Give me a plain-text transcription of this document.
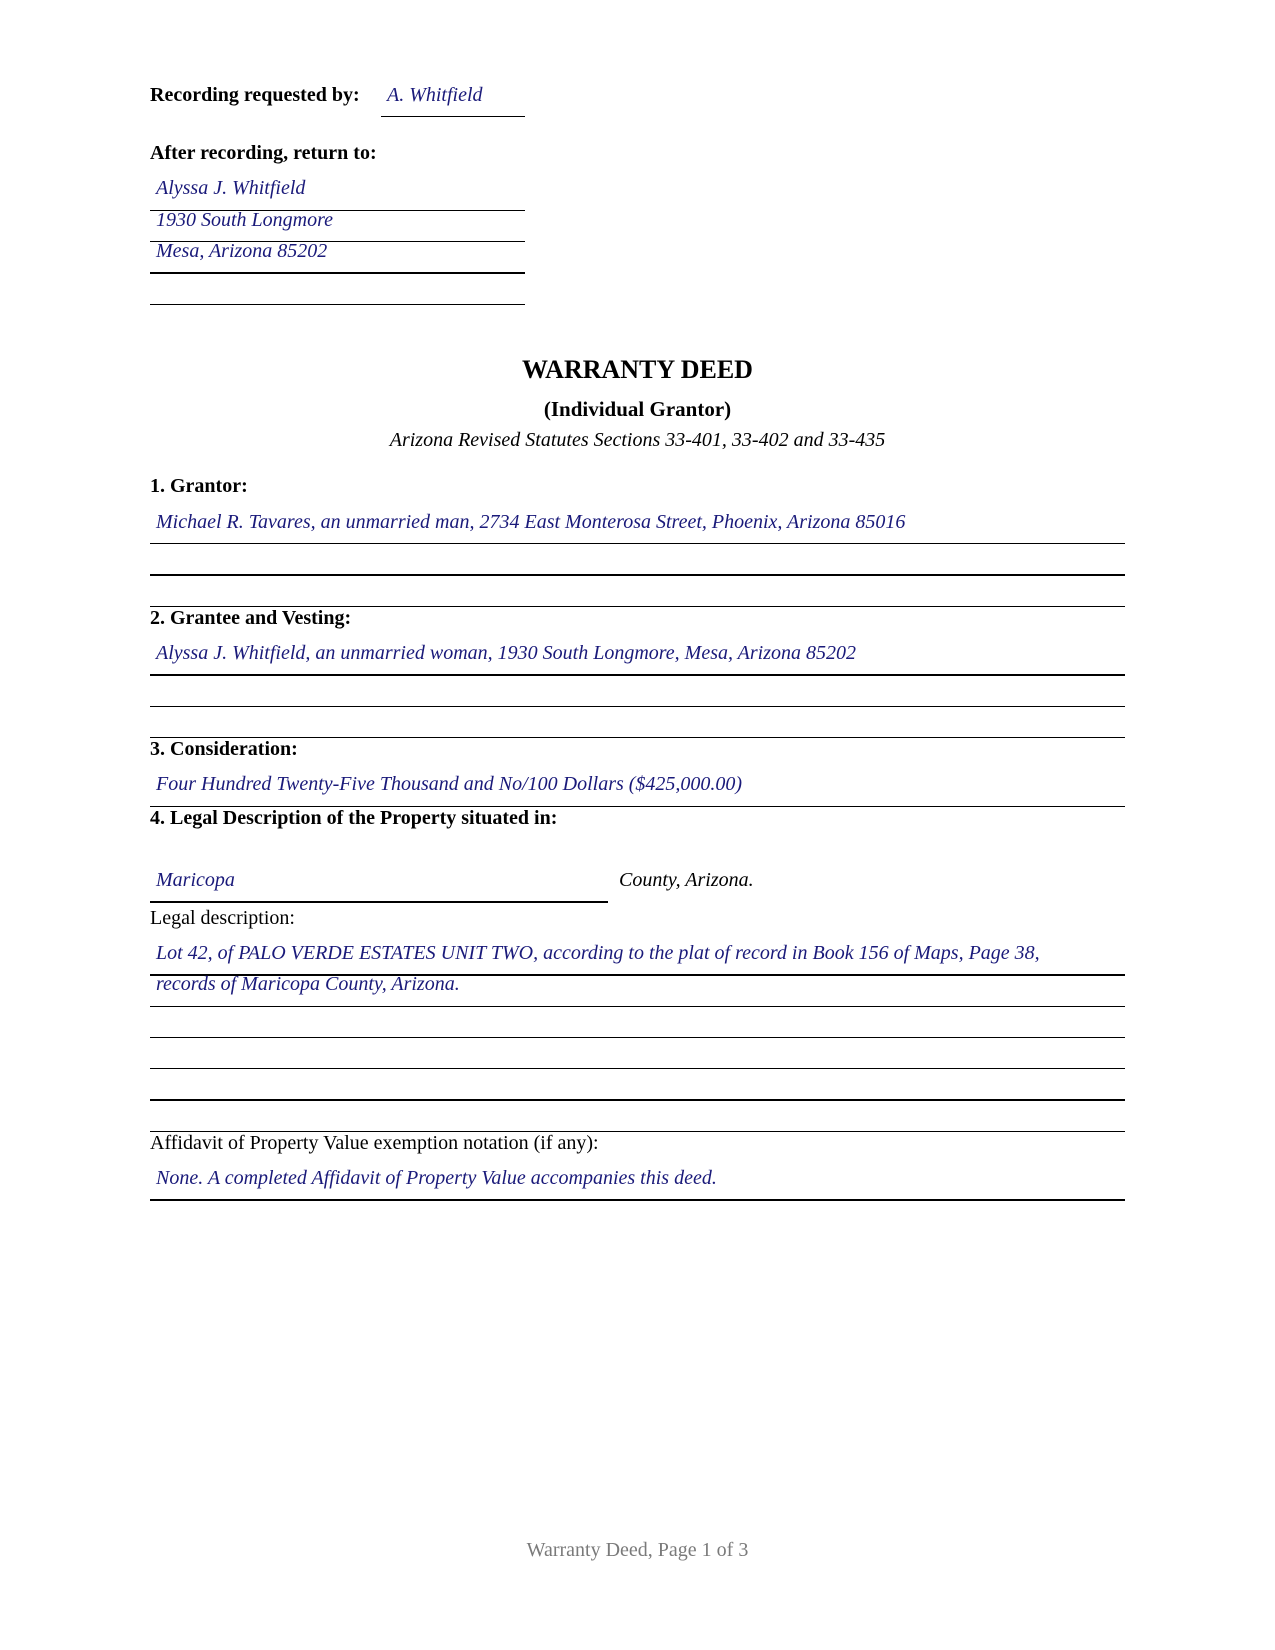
Recording requested by: A. Whitfield
After recording, return to:
Alyssa J. Whitfield
1930 South Longmore
Mesa, Arizona 85202
WARRANTY DEED
(Individual Grantor)
Arizona Revised Statutes Sections 33-401, 33-402 and 33-435
1. Grantor:
Michael R. Tavares, an unmarried man, 2734 East Monterosa Street, Phoenix, Arizona 85016
2. Grantee and Vesting:
Alyssa J. Whitfield, an unmarried woman, 1930 South Longmore, Mesa, Arizona 85202
3. Consideration:
Four Hundred Twenty-Five Thousand and No/100 Dollars ($425,000.00)
4. Legal Description of the Property situated in:
Maricopa	County, Arizona.
Legal description:
Lot 42, of PALO VERDE ESTATES UNIT TWO, according to the plat of record in Book 156 of Maps, Page 38,
records of Maricopa County, Arizona.
Affidavit of Property Value exemption notation (if any):
None. A completed Affidavit of Property Value accompanies this deed.
Warranty Deed, Page 1 of 3
